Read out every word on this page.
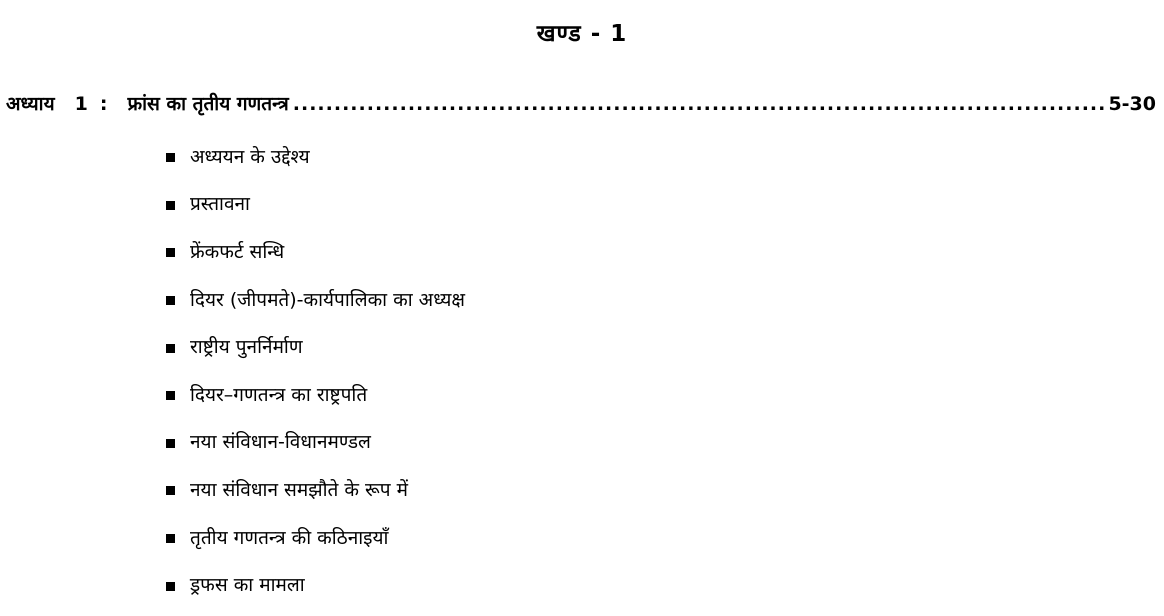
खण्ड - 1
अध्याय 1 : फ्रांस का तृतीय गणतन्त्र
.....	5-30
अध्ययन के उद्देश्य
प्रस्तावना
फ्रेंकफर्ट सन्धि
दियर (जीपमते)-कार्यपालिका का अध्यक्ष
राष्ट्रीय पुनर्निर्माण
दियर–गणतन्त्र का राष्ट्रपति
नया संविधान-विधानमण्डल
नया संविधान समझौते के रूप में
तृतीय गणतन्त्र की कठिनाइयाँ
ड्रफस का मामला
